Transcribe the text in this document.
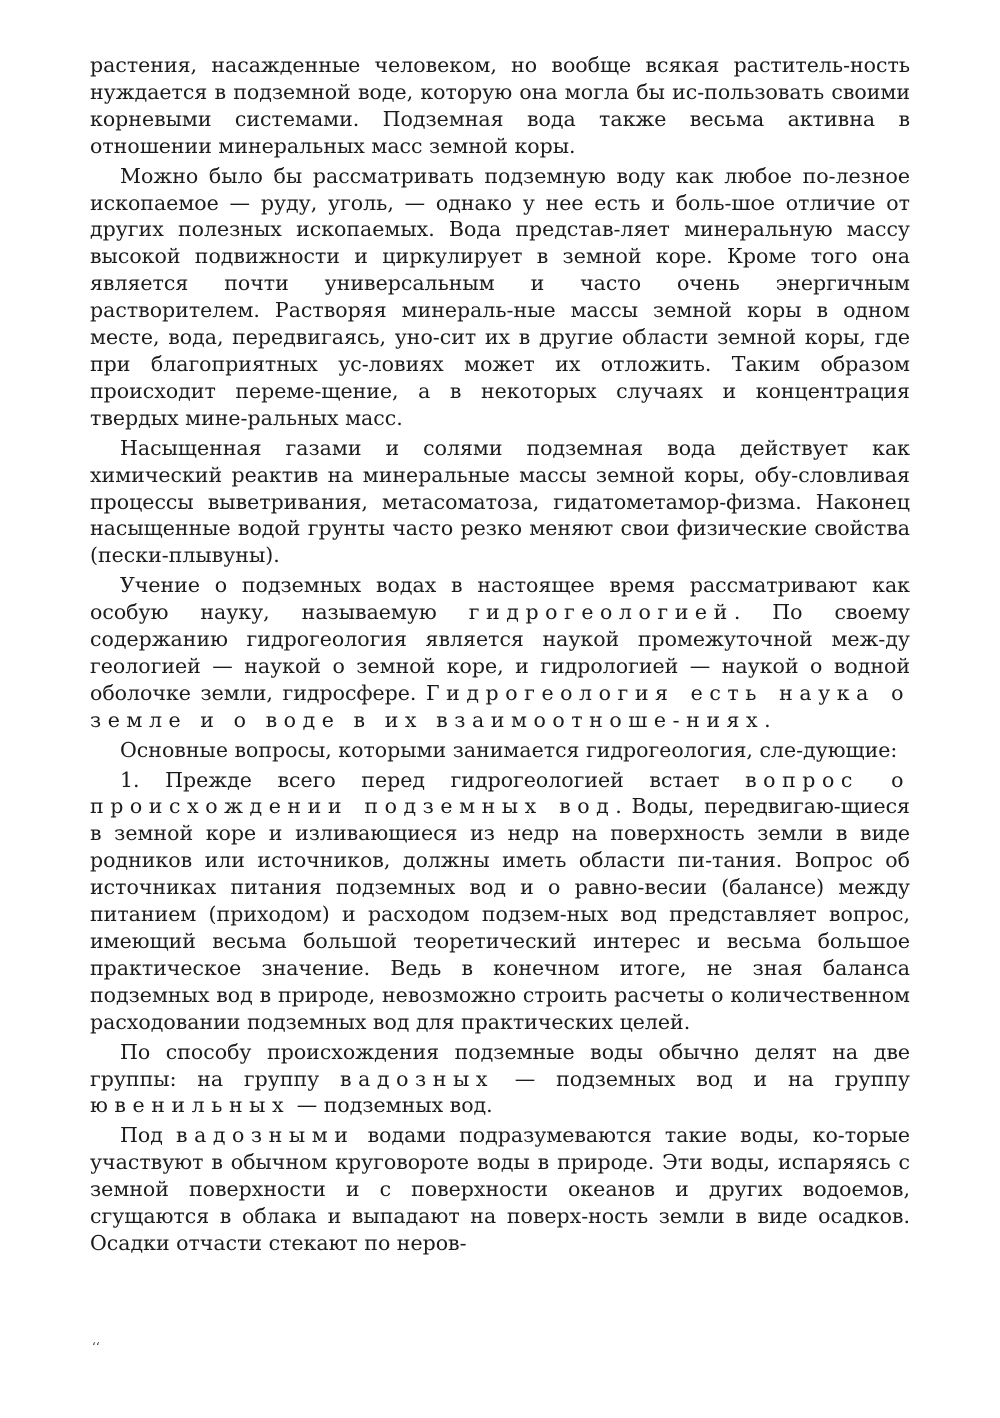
растения, насажденные человеком, но вообще всякая раститель-ность нуждается в подземной воде, которую она могла бы ис-пользовать своими корневыми системами. Подземная вода также весьма активна в отношении минеральных масс земной коры.

Можно было бы рассматривать подземную воду как любое по-лезное ископаемое — руду, уголь, — однако у нее есть и боль-шое отличие от других полезных ископаемых. Вода представ-ляет минеральную массу высокой подвижности и циркулирует в земной коре. Кроме того она является почти универсальным и часто очень энергичным растворителем. Растворяя минераль-ные массы земной коры в одном месте, вода, передвигаясь, уно-сит их в другие области земной коры, где при благоприятных ус-ловиях может их отложить. Таким образом происходит переме-щение, а в некоторых случаях и концентрация твердых мине-ральных масс.

Насыщенная газами и солями подземная вода действует как химический реактив на минеральные массы земной коры, обу-словливая процессы выветривания, метасоматоза, гидатометамор-физма. Наконец насыщенные водой грунты часто резко меняют свои физические свойства (пески-плывуны).

Учение о подземных водах в настоящее время рассматривают как особую науку, называемую гидрогеологией. По своему содержанию гидрогеология является наукой промежуточной меж-ду геологией — наукой о земной коре, и гидрологией — наукой о водной оболочке земли, гидросфере. Гидрогеология есть наука о земле и о воде в их взаимоотноше-ниях.

Основные вопросы, которыми занимается гидрогеология, сле-дующие:

1. Прежде всего перед гидрогеологией встает вопрос о происхождении подземных вод. Воды, передвигаю-щиеся в земной коре и изливающиеся из недр на поверхность земли в виде родников или источников, должны иметь области пи-тания. Вопрос об источниках питания подземных вод и о равно-весии (балансе) между питанием (приходом) и расходом подзем-ных вод представляет вопрос, имеющий весьма большой теоретический интерес и весьма большое практическое значение. Ведь в конечном итоге, не зная баланса подземных вод в природе, невозможно строить расчеты о количественном расходовании подземных вод для практических целей.

По способу происхождения подземные воды обычно делят на две группы: на группу вадозных — подземных вод и на группу ювенильных — подземных вод.

Под вадозными водами подразумеваются такие воды, ко-торые участвуют в обычном круговороте воды в природе. Эти воды, испаряясь с земной поверхности и с поверхности океанов и других водоемов, сгущаются в облака и выпадают на поверх-ность земли в виде осадков. Осадки отчасти стекают по неров-

‘‘
